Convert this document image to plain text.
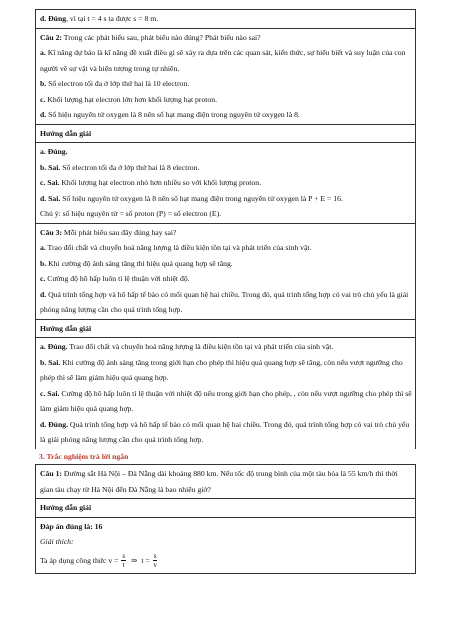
d. Đúng, vì tại t = 4 s ta được s = 8 m.

Câu 2: Trong các phát biểu sau, phát biểu nào đúng? Phát biểu nào sai?

a. Kĩ năng dự báo là kĩ năng đề xuất điều gì sẽ xảy ra dựa trên các quan sát, kiến thức, sự hiểu biết và suy luận của con người về sự vật và hiện tượng trong tự nhiên.

b. Số electron tối đa ở lớp thứ hai là 10 electron.

c. Khối lượng hạt electron lớn hơn khối lượng hạt proton.

d. Số hiệu nguyên tử oxygen là 8 nên số hạt mang điện trong nguyên tử oxygen là 8.

Hướng dẫn giải

a. Đúng.

b. Sai. Số electron tối đa ở lớp thứ hai là 8 electron.

c. Sai. Khối lượng hạt electron nhỏ hơn nhiều so với khối lượng proton.

d. Sai. Số hiệu nguyên tử oxygen là 8 nên số hạt mang điện trong nguyên tử oxygen là P + E = 16.

Chú ý: số hiệu nguyên tử = số proton (P) = số electron (E).

Câu 3: Mỗi phát biểu sau đây đúng hay sai?

a. Trao đổi chất và chuyển hoá năng lượng là điều kiện tồn tại và phát triển của sinh vật.

b. Khi cường độ ánh sáng tăng thì hiệu quả quang hợp sẽ tăng.

c. Cường độ hô hấp luôn tỉ lệ thuận với nhiệt độ.

d. Quá trình tổng hợp và hô hấp tế bào có mối quan hệ hai chiều. Trong đó, quá trình tổng hợp có vai trò chủ yếu là giải phóng năng lượng cần cho quá trình tổng hợp.

Hướng dẫn giải

a. Đúng. Trao đổi chất và chuyển hoá năng lượng là điều kiện tồn tại và phát triển của sinh vật.

b. Sai. Khi cường độ ánh sáng tăng trong giới hạn cho phép thì hiệu quả quang hợp sẽ tăng, còn nếu vượt ngưỡng cho phép thì sẽ làm giảm hiệu quả quang hợp.

c. Sai. Cường độ hô hấp luôn tỉ lệ thuận với nhiệt độ nếu trong giới hạn cho phép, , còn nếu vượt ngưỡng cho phép thì sẽ làm giảm hiệu quả quang hợp.

d. Đúng. Quá trình tổng hợp và hô hấp tế bào có mối quan hệ hai chiều. Trong đó, quá trình tổng hợp có vai trò chủ yếu là giải phóng năng lượng cần cho quá trình tổng hợp.

3. Trắc nghiệm trả lời ngắn

Câu 1: Đường sắt Hà Nội – Đà Nẵng dài khoảng 880 km. Nếu tốc độ trung bình của một tàu hỏa là 55 km/h thì thời gian tàu chạy từ Hà Nội đến Đà Nẵng là bao nhiêu giờ?

Hướng dẫn giải

Đáp án đúng là: 16

Giải thích:

Ta áp dụng công thức $v = \frac{s}{t}$ ⇒ $t = \frac{s}{v}$
